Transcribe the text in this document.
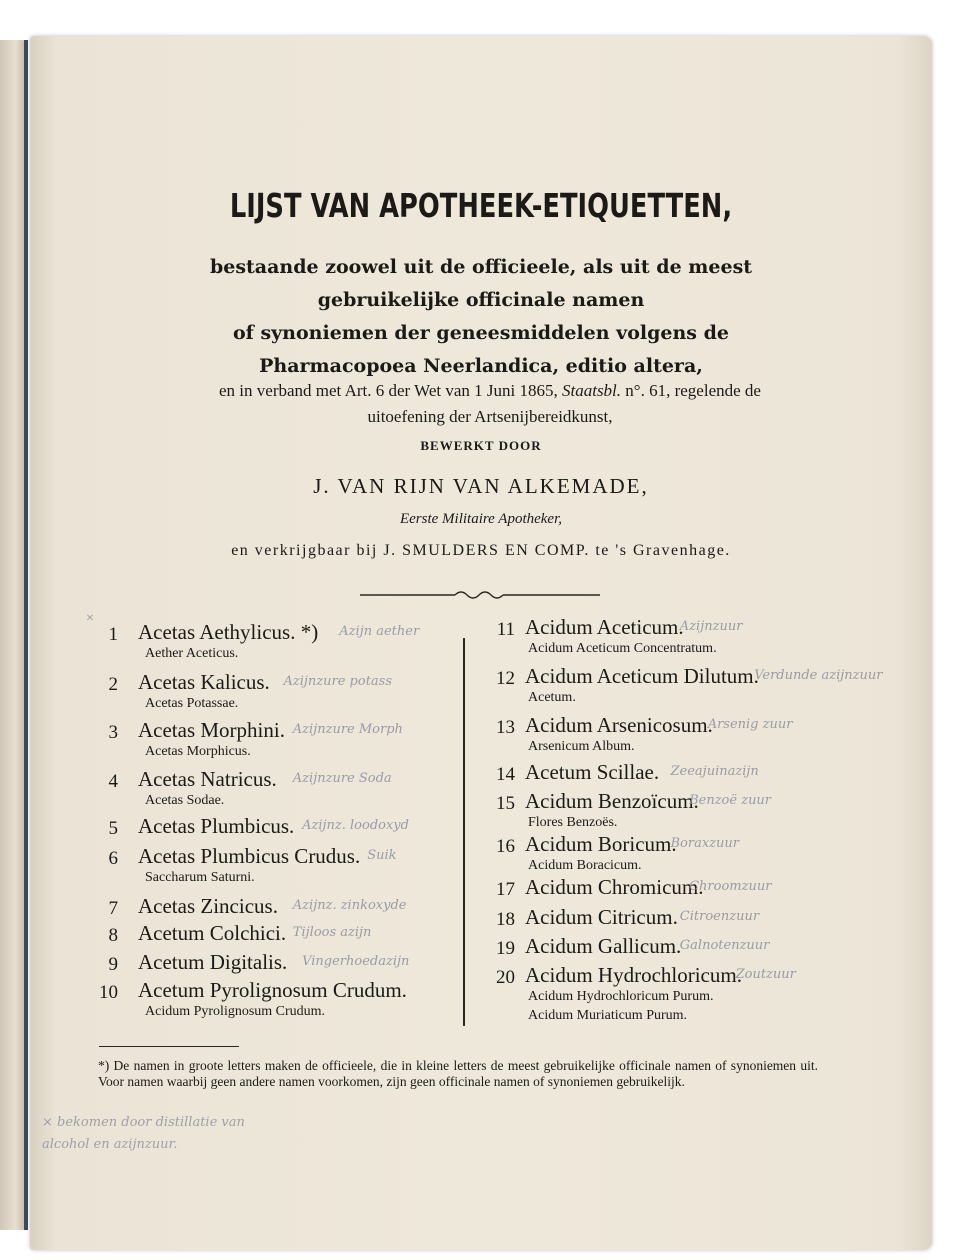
LIJST VAN APOTHEEK-ETIQUETTEN,
bestaande zoowel uit de officieele, als uit de meest
gebruikelijke officinale namen
of synoniemen der geneesmiddelen volgens de
Pharmacopoea Neerlandica, editio altera,
en in verband met Art. 6 der Wet van 1 Juni 1865, Staatsbl. n°. 61, regelende de
uitoefening der Artsenijbereidkunst,
BEWERKT DOOR
J. VAN RIJN VAN ALKEMADE,
Eerste Militaire Apotheker,
en verkrijgbaar bij J. SMULDERS EN COMP. te 's Gravenhage.
×
1 Acetas Aethylicus. *)
Aether Aceticus.
Azijn aether
2 Acetas Kalicus.
Acetas Potassae.
Azijnzure potass
3 Acetas Morphini.
Acetas Morphicus.
Azijnzure Morph
4 Acetas Natricus.
Acetas Sodae.
Azijnzure Soda
5 Acetas Plumbicus. Azijnz. loodoxyd
6 Acetas Plumbicus Crudus.
Saccharum Saturni.
Suik
7 Acetas Zincicus. Azijnz. zinkoxyde
8 Acetum Colchici. Tijloos azijn
9 Acetum Digitalis. Vingerhoedazijn
10 Acetum Pyrolignosum Crudum.
Acidum Pyrolignosum Crudum.
11 Acidum Aceticum.
Acidum Aceticum Concentratum.
Azijnzuur
12 Acidum Aceticum Dilutum.
Acetum.
Verdunde azijnzuur
13 Acidum Arsenicosum.
Arsenicum Album.
Arsenig zuur
14 Acetum Scillae. Zeeajuinazijn
15 Acidum Benzoïcum.
Flores Benzoës.
Benzoë zuur
16 Acidum Boricum.
Acidum Boracicum.
Boraxzuur
17 Acidum Chromicum.
Chroomzuur
18 Acidum Citricum. Citroenzuur
19 Acidum Gallicum.
Galnotenzuur
20 Acidum Hydrochloricum.
Acidum Hydrochloricum Purum.
Acidum Muriaticum Purum.
Zoutzuur
*) De namen in groote letters maken de officieele, die in kleine letters de meest gebruikelijke officinale namen of synoniemen uit. Voor namen waarbij geen andere namen voorkomen, zijn geen officinale namen of synoniemen gebruikelijk.
× bekomen door distillatie van
alcohol en azijnzuur.
